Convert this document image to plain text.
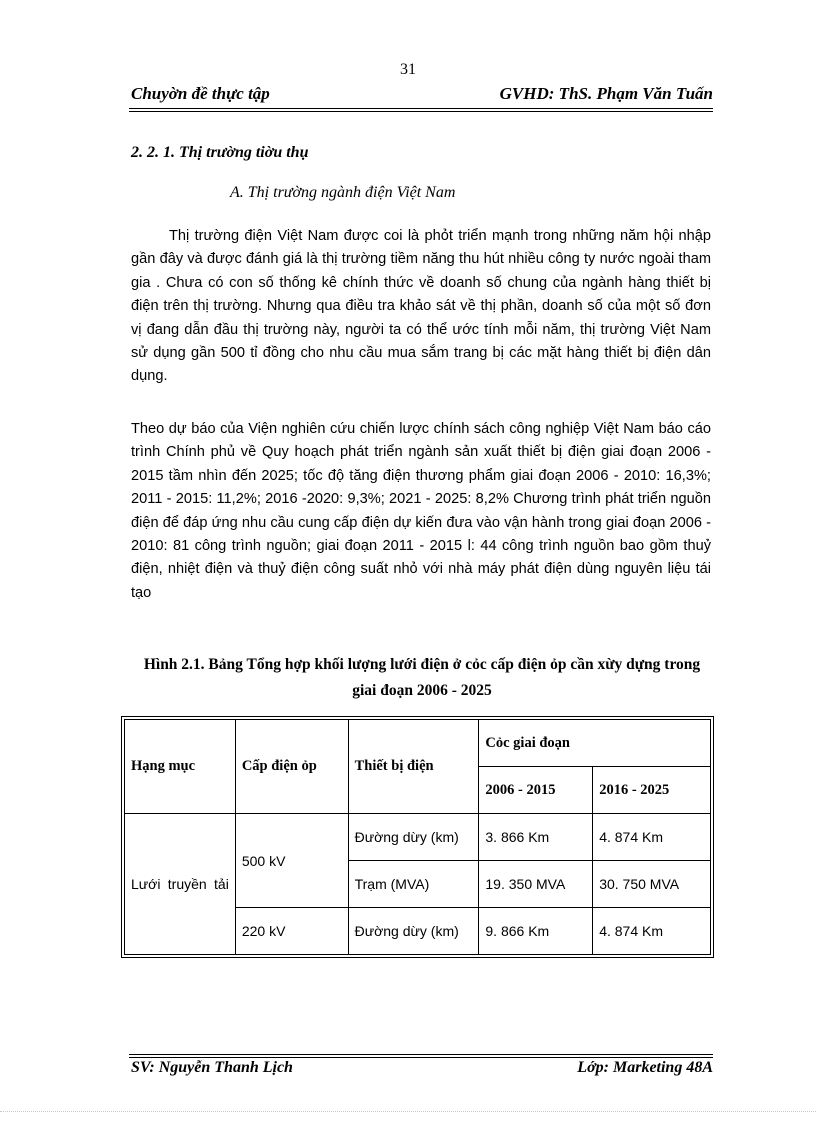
31
Chuyờn đề thực tập	GVHD: ThS. Phạm Văn Tuấn
2. 2. 1. Thị trường tiờu thụ
A. Thị trường ngành điện Việt Nam

Thị trường điện Việt Nam được coi là phỏt triển mạnh trong những năm hội nhập gần đây và được đánh giá là thị trường tiềm năng thu hút nhiều công ty nước ngoài tham gia . Chưa có con số thống kê chính thức về doanh số chung của ngành hàng thiết bị điện trên thị trường. Nhưng qua điều tra khảo sát về thị phần, doanh số của một số đơn vị đang dẫn đầu thị trường này, người ta có thể ước tính mỗi năm, thị trường Việt Nam sử dụng gần 500 tỉ đồng cho nhu cầu mua sắm trang bị các mặt hàng thiết bị điện dân dụng.

Theo dự báo của Viện nghiên cứu chiến lược chính sách công nghiệp Việt Nam báo cáo trình Chính phủ về Quy hoạch phát triển ngành sản xuất thiết bị điện giai đoạn 2006 - 2015 tầm nhìn đến 2025; tốc độ tăng điện thương phẩm giai đoạn 2006 - 2010: 16,3%; 2011 - 2015: 11,2%; 2016 -2020: 9,3%; 2021 - 2025: 8,2% Chương trình phát triển nguồn điện để đáp ứng nhu cầu cung cấp điện dự kiến đưa vào vận hành trong giai đoạn 2006 - 2010: 81 công trình nguồn; giai đoạn 2011 - 2015 l: 44 công trình nguồn bao gồm thuỷ điện, nhiệt điện và thuỷ điện công suất nhỏ với nhà máy phát điện dùng nguyên liệu tái tạo

Hình 2.1. Bảng Tổng hợp khối lượng lưới điện ở cỏc cấp điện ỏp cần xừy dựng trong giai đoạn 2006 - 2025
Hạng mục	Cấp điện ỏp	Thiết bị điện	Cỏc giai đoạn	
			2006 - 2015	2016 - 2025
Lưới truyền tải	500 kV	Đường dừy (km)	3. 866 Km	4. 874 Km
		Trạm (MVA)	19. 350 MVA	30. 750 MVA
	220 kV	Đường dừy (km)	9. 866 Km	4. 874 Km
SV: Nguyễn Thanh Lịch	Lớp: Marketing 48A
